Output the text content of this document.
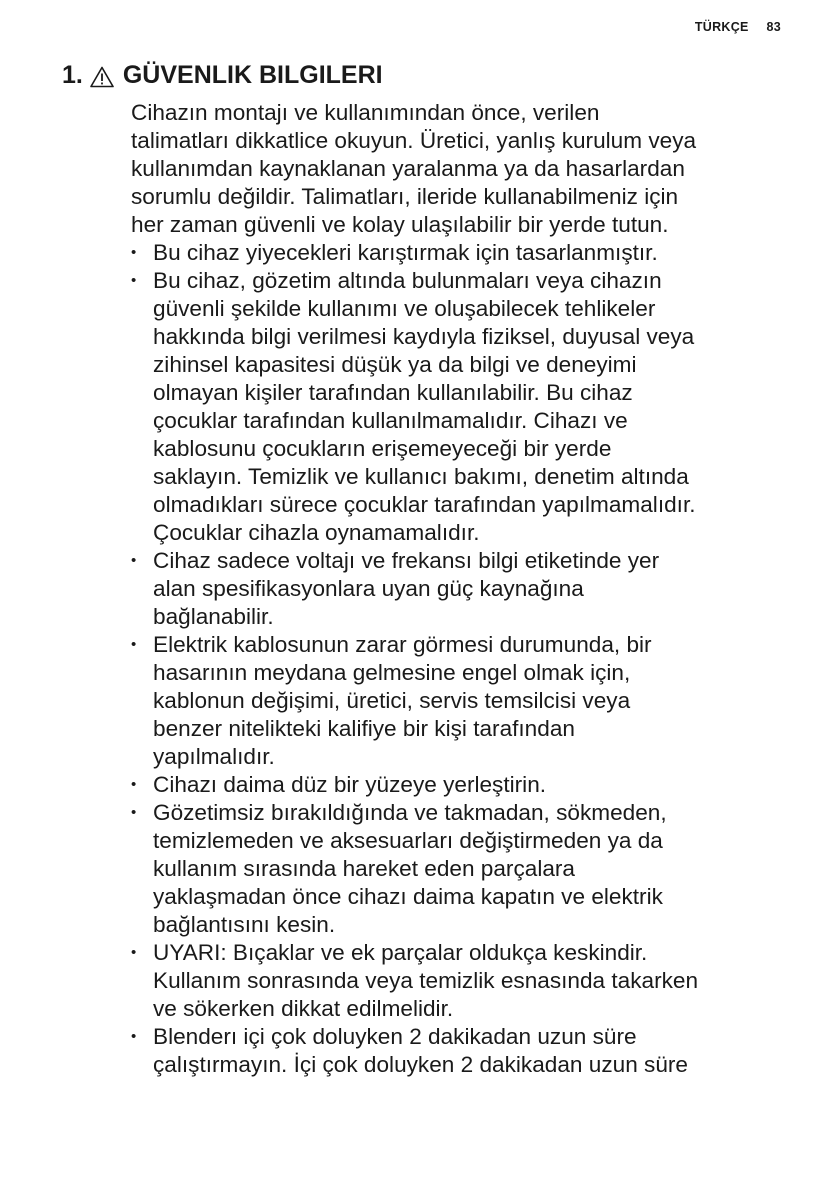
TÜRKÇE 83
1. GÜVENLIK BILGILERI

Cihazın montajı ve kullanımından önce, verilen
talimatları dikkatlice okuyun. Üretici, yanlış kurulum veya
kullanımdan kaynaklanan yaralanma ya da hasarlardan
sorumlu değildir. Talimatları, ileride kullanabilmeniz için
her zaman güvenli ve kolay ulaşılabilir bir yerde tutun.

• Bu cihaz yiyecekleri karıştırmak için tasarlanmıştır.
• Bu cihaz, gözetim altında bulunmaları veya cihazın
güvenli şekilde kullanımı ve oluşabilecek tehlikeler
hakkında bilgi verilmesi kaydıyla fiziksel, duyusal veya
zihinsel kapasitesi düşük ya da bilgi ve deneyimi
olmayan kişiler tarafından kullanılabilir. Bu cihaz
çocuklar tarafından kullanılmamalıdır. Cihazı ve
kablosunu çocukların erişemeyeceği bir yerde
saklayın. Temizlik ve kullanıcı bakımı, denetim altında
olmadıkları sürece çocuklar tarafından yapılmamalıdır.
Çocuklar cihazla oynamamalıdır.
• Cihaz sadece voltajı ve frekansı bilgi etiketinde yer
alan spesifikasyonlara uyan güç kaynağına
bağlanabilir.
• Elektrik kablosunun zarar görmesi durumunda, bir
hasarının meydana gelmesine engel olmak için,
kablonun değişimi, üretici, servis temsilcisi veya
benzer nitelikteki kalifiye bir kişi tarafından
yapılmalıdır.
• Cihazı daima düz bir yüzeye yerleştirin.
• Gözetimsiz bırakıldığında ve takmadan, sökmeden,
temizlemeden ve aksesuarları değiştirmeden ya da
kullanım sırasında hareket eden parçalara
yaklaşmadan önce cihazı daima kapatın ve elektrik
bağlantısını kesin.
• UYARI: Bıçaklar ve ek parçalar oldukça keskindir.
Kullanım sonrasında veya temizlik esnasında takarken
ve sökerken dikkat edilmelidir.
• Blenderı içi çok doluyken 2 dakikadan uzun süre
çalıştırmayın. İçi çok doluyken 2 dakikadan uzun süre
